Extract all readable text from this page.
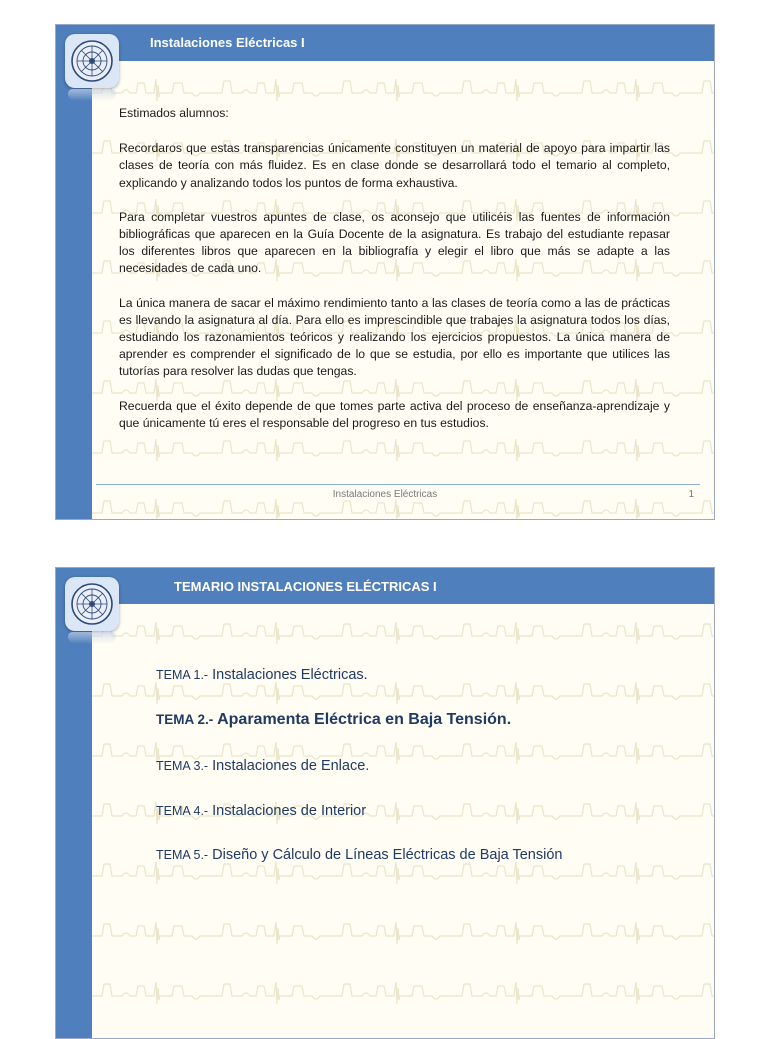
Instalaciones Eléctricas I

Estimados alumnos:

Recordaros que estas transparencias únicamente constituyen un material de apoyo para impartir las clases de teoría con más fluidez. Es en clase donde se desarrollará todo el temario al completo, explicando y analizando todos los puntos de forma exhaustiva.

Para completar vuestros apuntes de clase, os aconsejo que utilicéis las fuentes de información bibliográficas que aparecen en la Guía Docente de la asignatura. Es trabajo del estudiante repasar los diferentes libros que aparecen en la bibliografía y elegir el libro que más se adapte a las necesidades de cada uno.

La única manera de sacar el máximo rendimiento tanto a las clases de teoría como a las de prácticas es llevando la asignatura al día. Para ello es imprescindible que trabajes la asignatura todos los días, estudiando los razonamientos teóricos y realizando los ejercicios propuestos. La única manera de aprender es comprender el significado de lo que se estudia, por ello es importante que utilices las tutorías para resolver las dudas que tengas.

Recuerda que el éxito depende de que tomes parte activa del proceso de enseñanza-aprendizaje y que únicamente tú eres el responsable del progreso en tus estudios.

Instalaciones Eléctricas	1
TEMARIO INSTALACIONES ELÉCTRICAS I
TEMA 1.- Instalaciones Eléctricas.
TEMA 2.- Aparamenta Eléctrica en Baja Tensión.
TEMA 3.- Instalaciones de Enlace.
TEMA 4.- Instalaciones de Interior
TEMA 5.- Diseño y Cálculo de Líneas Eléctricas de Baja Tensión
